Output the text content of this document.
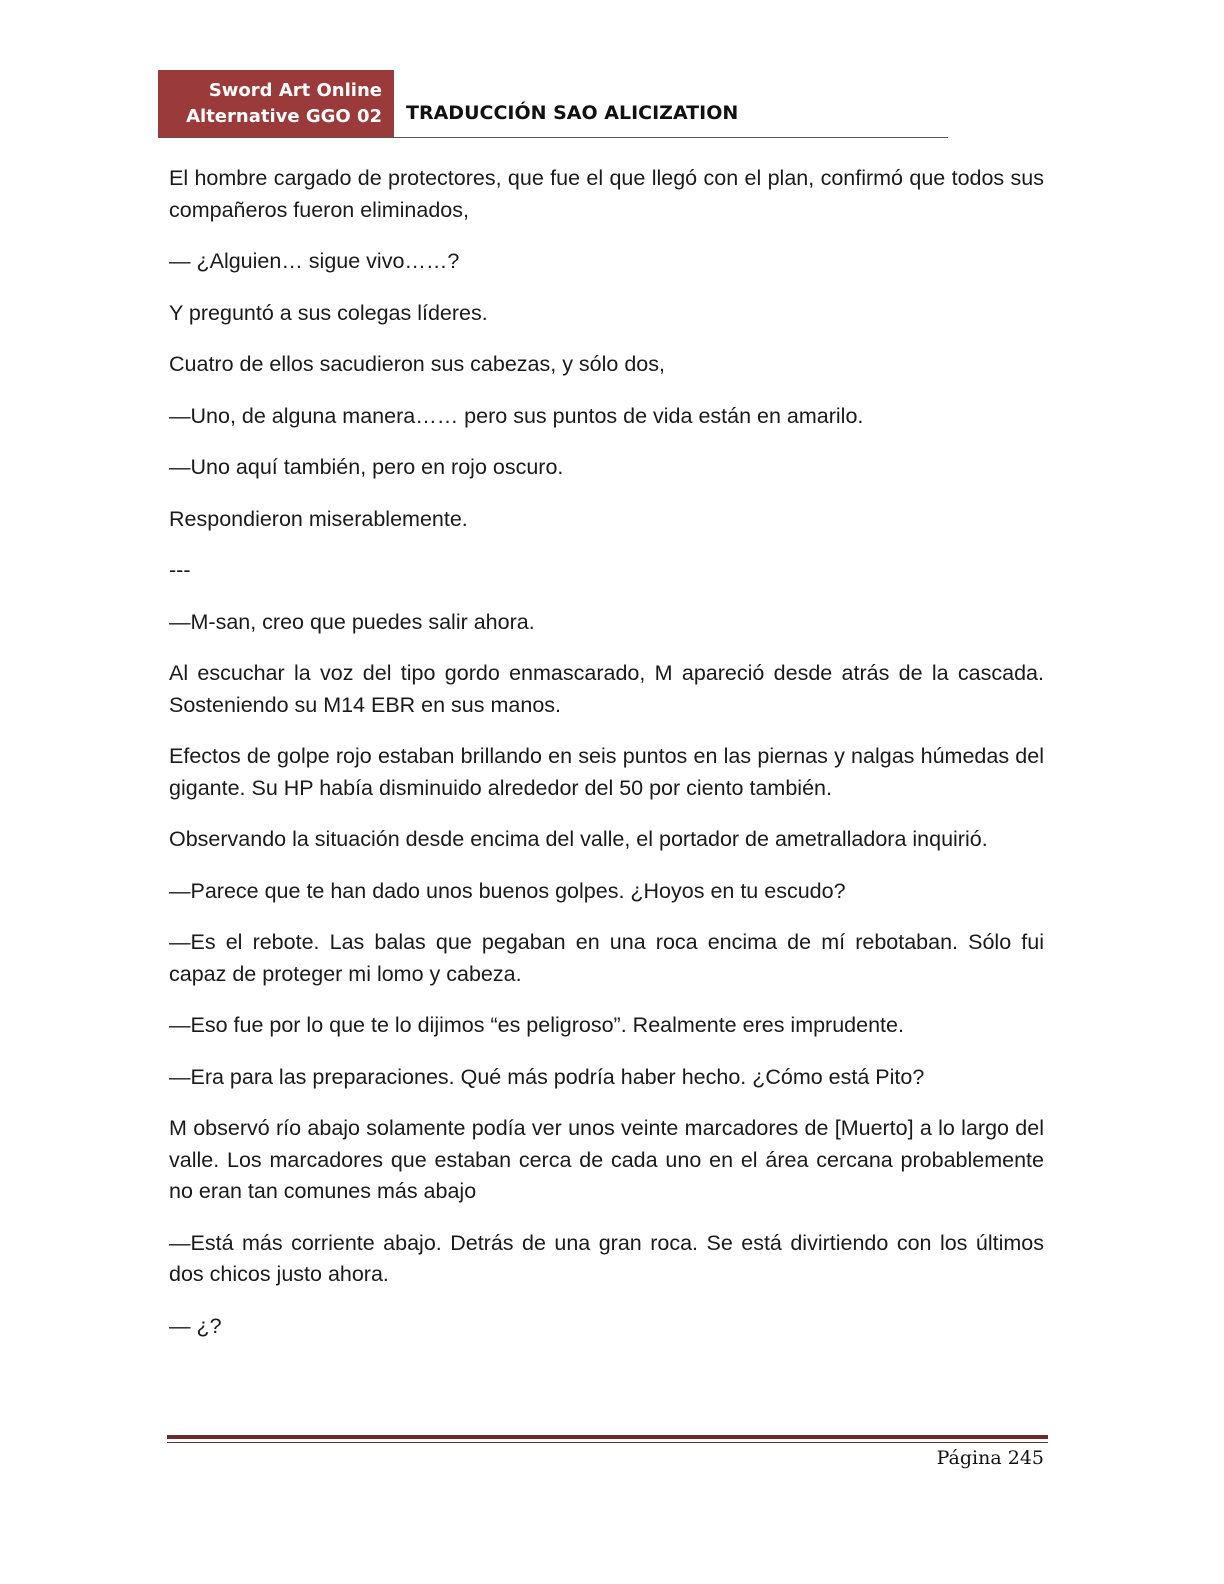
Sword Art Online
Alternative GGO 02 TRADUCCIÓN SAO ALICIZATION

El hombre cargado de protectores, que fue el que llegó con el plan, confirmó que todos sus compañeros fueron eliminados,

— ¿Alguien… sigue vivo……?

Y preguntó a sus colegas líderes.

Cuatro de ellos sacudieron sus cabezas, y sólo dos,

—Uno, de alguna manera…… pero sus puntos de vida están en amarilo.

—Uno aquí también, pero en rojo oscuro.

Respondieron miserablemente.

---

—M-san, creo que puedes salir ahora.

Al escuchar la voz del tipo gordo enmascarado, M apareció desde atrás de la cascada. Sosteniendo su M14 EBR en sus manos.

Efectos de golpe rojo estaban brillando en seis puntos en las piernas y nalgas húmedas del gigante. Su HP había disminuido alrededor del 50 por ciento también.

Observando la situación desde encima del valle, el portador de ametralladora inquirió.

—Parece que te han dado unos buenos golpes. ¿Hoyos en tu escudo?

—Es el rebote. Las balas que pegaban en una roca encima de mí rebotaban. Sólo fui capaz de proteger mi lomo y cabeza.

—Eso fue por lo que te lo dijimos “es peligroso”. Realmente eres imprudente.

—Era para las preparaciones. Qué más podría haber hecho. ¿Cómo está Pito?

M observó río abajo solamente podía ver unos veinte marcadores de [Muerto] a lo largo del valle. Los marcadores que estaban cerca de cada uno en el área cercana probablemente no eran tan comunes más abajo

—Está más corriente abajo. Detrás de una gran roca. Se está divirtiendo con los últimos dos chicos justo ahora.

— ¿?

Página 245
